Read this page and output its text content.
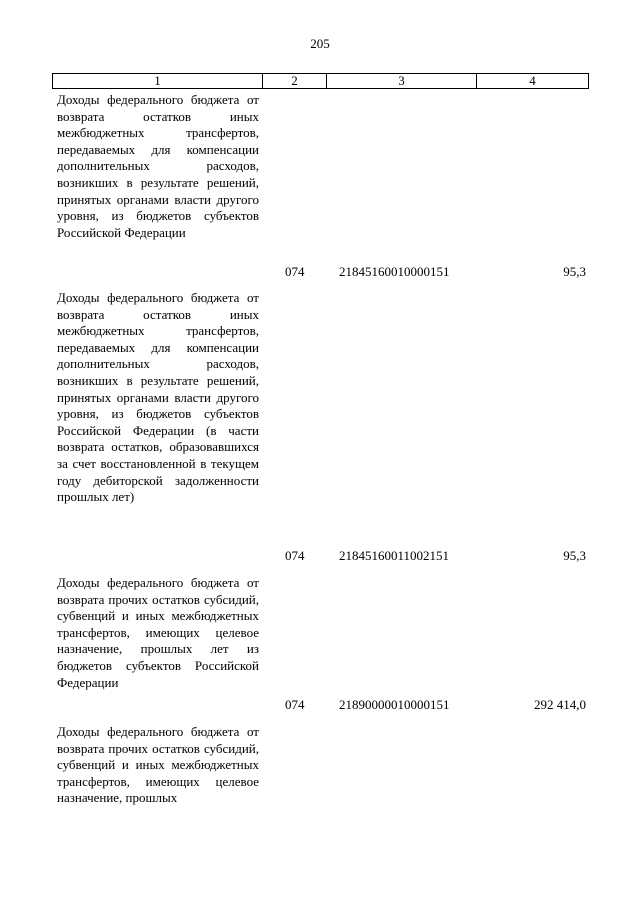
205
1	2	3	4
Доходы федерального бюджета от возврата остатков иных межбюджетных трансфертов, передаваемых для компенсации дополнительных расходов, возникших в результате решений, принятых органами власти другого уровня, из бюджетов субъектов Российской Федерации
074	21845160010000151	95,3
Доходы федерального бюджета от возврата остатков иных межбюджетных трансфертов, передаваемых для компенсации дополнительных расходов, возникших в результате решений, принятых органами власти другого уровня, из бюджетов субъектов Российской Федерации (в части возврата остатков, образовавшихся за счет восстановленной в текущем году дебиторской задолженности прошлых лет)
074	21845160011002151	95,3
Доходы федерального бюджета от возврата прочих остатков субсидий, субвенций и иных межбюджетных трансфертов, имеющих целевое назначение, прошлых лет из бюджетов субъектов Российской Федерации
074	21890000010000151	292 414,0
Доходы федерального бюджета от возврата прочих остатков субсидий, субвенций и иных межбюджетных трансфертов, имеющих целевое назначение, прошлых
